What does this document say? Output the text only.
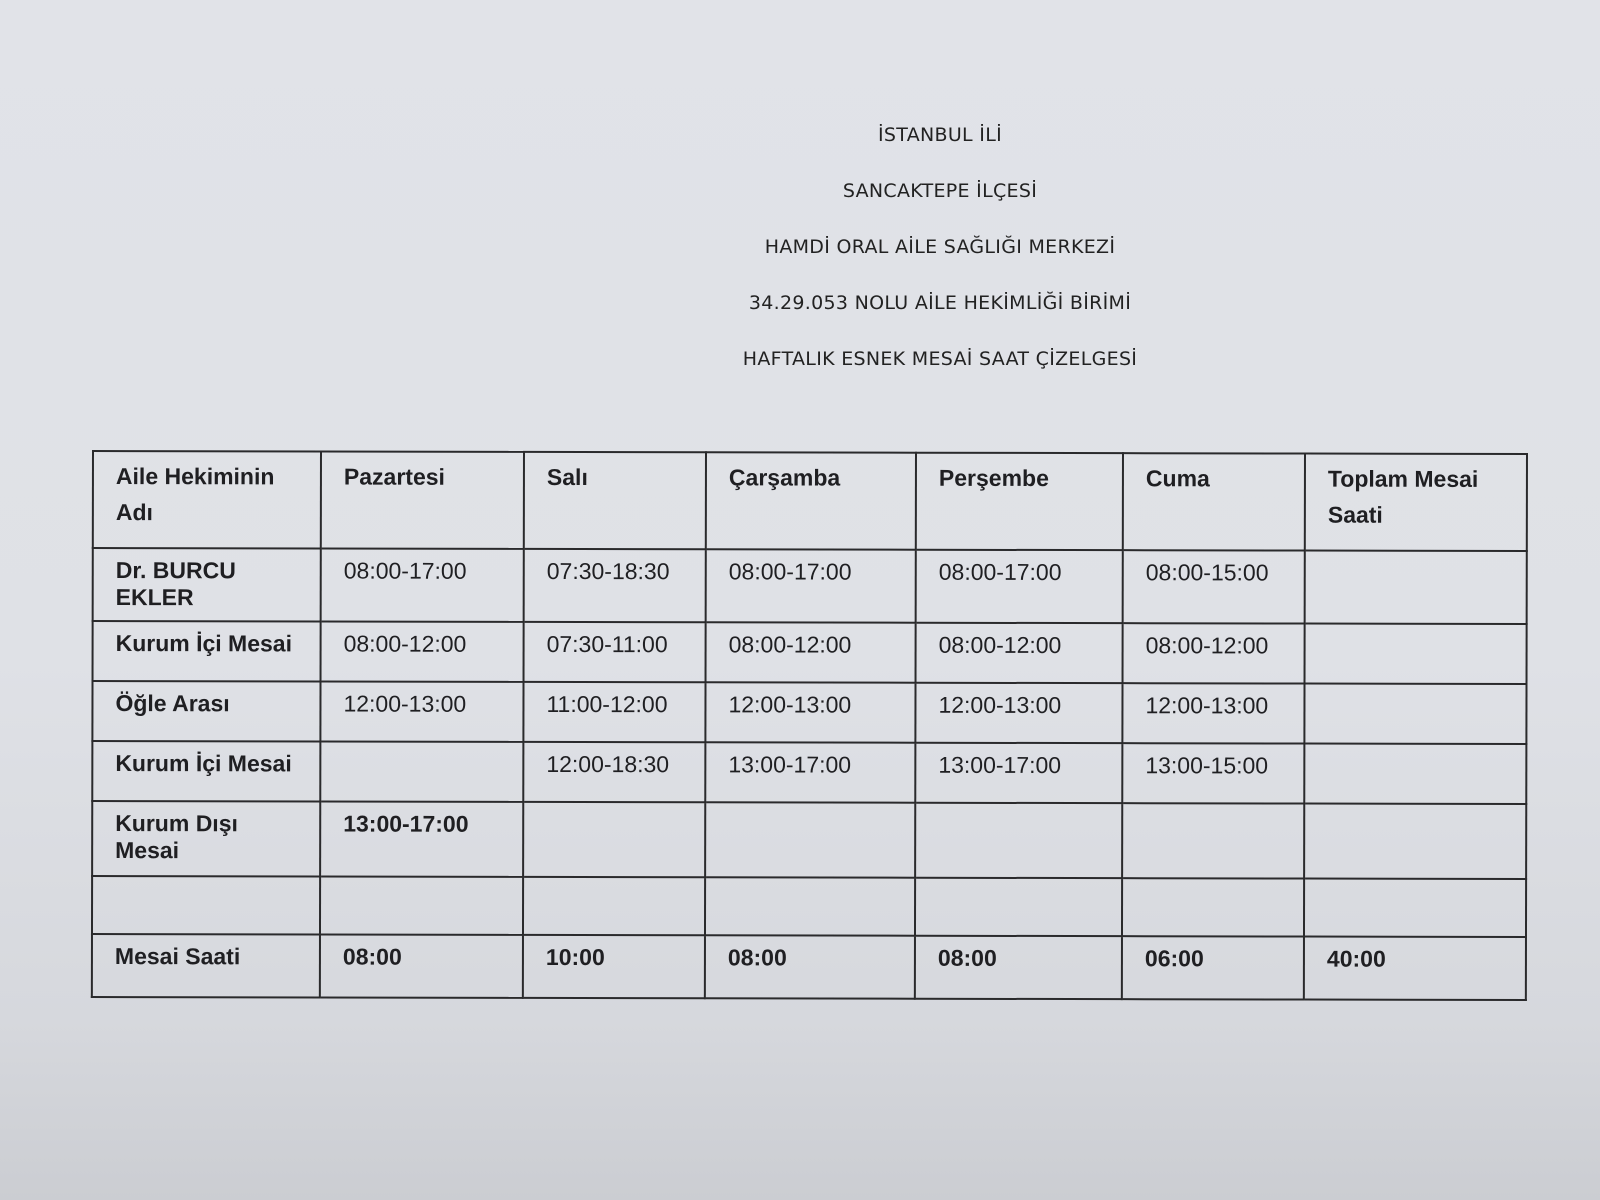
İSTANBUL İLİ
SANCAKTEPE İLÇESİ
HAMDİ ORAL AİLE SAĞLIĞI MERKEZİ
34.29.053 NOLU AİLE HEKİMLİĞİ BİRİMİ
HAFTALIK ESNEK MESAİ SAAT ÇİZELGESİ
Aile Hekiminin Adı	Pazartesi	Salı	Çarşamba	Perşembe	Cuma	Toplam Mesai Saati
Dr. BURCU EKLER	08:00-17:00	07:30-18:30	08:00-17:00	08:00-17:00	08:00-15:00	
Kurum İçi Mesai	08:00-12:00	07:30-11:00	08:00-12:00	08:00-12:00	08:00-12:00	
Öğle Arası	12:00-13:00	11:00-12:00	12:00-13:00	12:00-13:00	12:00-13:00	
Kurum İçi Mesai		12:00-18:30	13:00-17:00	13:00-17:00	13:00-15:00	
Kurum Dışı Mesai	13:00-17:00					

Mesai Saati	08:00	10:00	08:00	08:00	06:00	40:00
